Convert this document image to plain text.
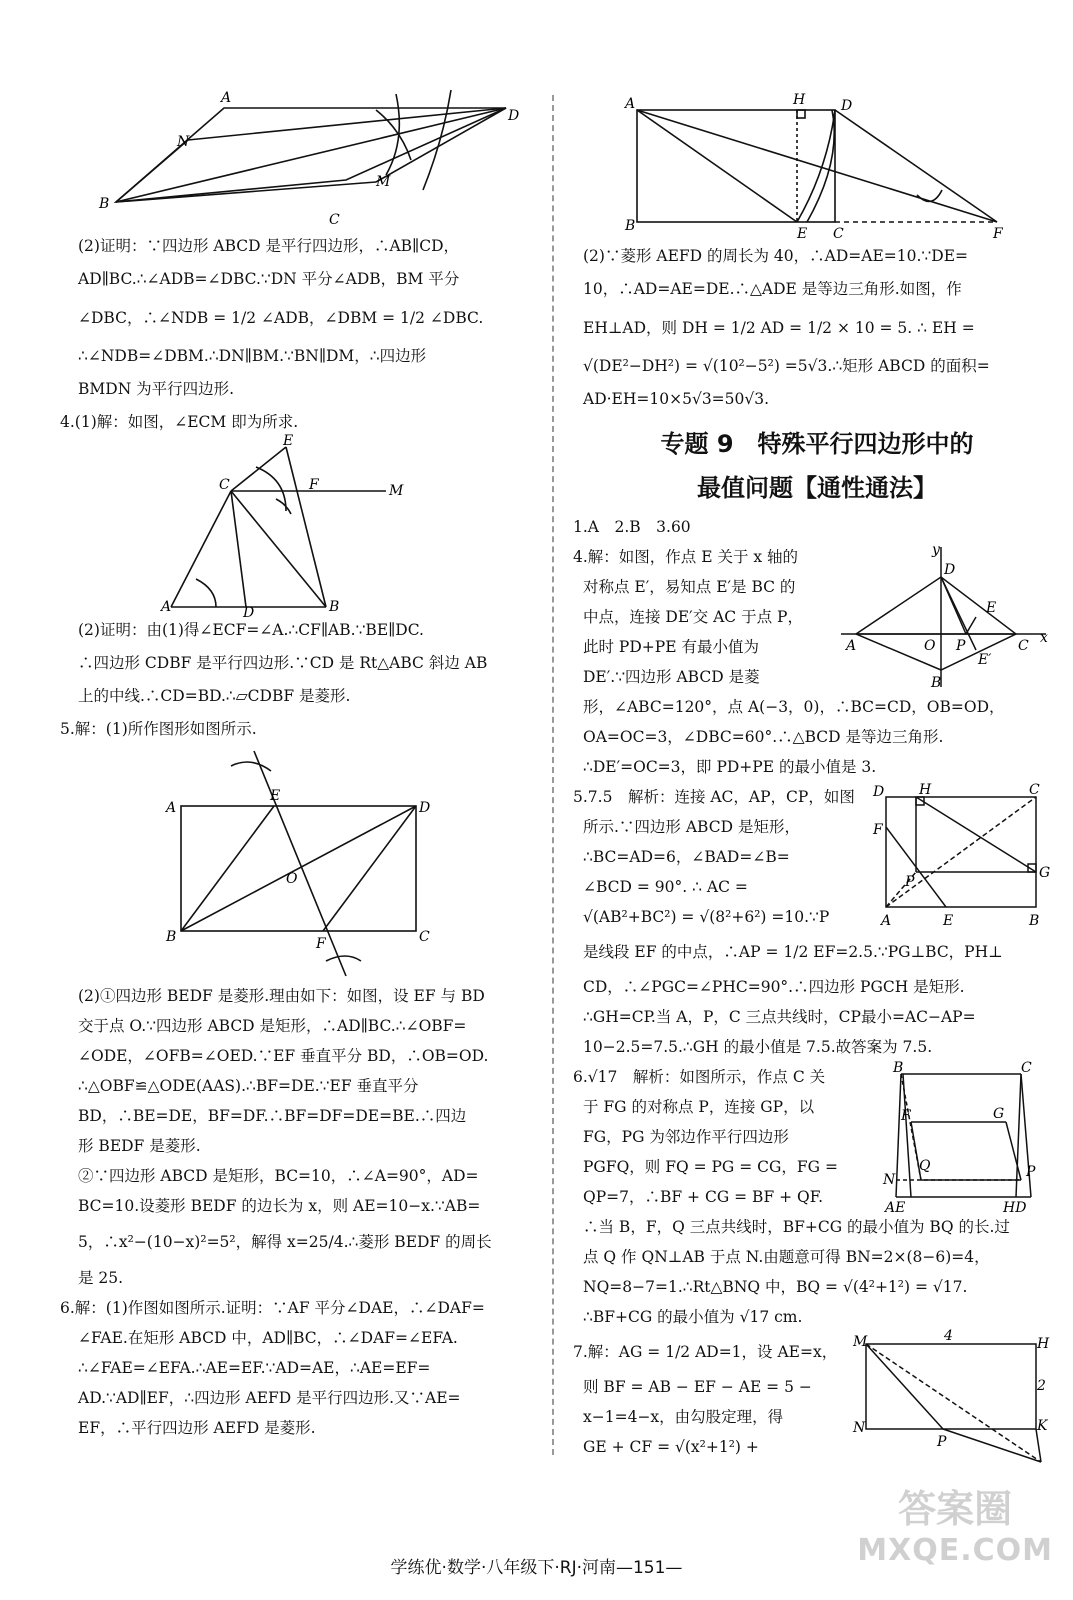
A
N
D
B
M
C

(2)证明：∵四边形 ABCD 是平行四边形，∴AB∥CD，

AD∥BC.∴∠ADB=∠DBC.∵DN 平分∠ADB，BM 平分

∠DBC，∴∠NDB = 1/2 ∠ADB，∠DBM = 1/2 ∠DBC.

∴∠NDB=∠DBM.∴DN∥BM.∵BN∥DM，∴四边形

BMDN 为平行四边形.

4.(1)解：如图，∠ECM 即为所求.

A	D	B
C	F	M
E

(2)证明：由(1)得∠ECF=∠A.∴CF∥AB.∵BE∥DC.

∴四边形 CDBF 是平行四边形.∵CD 是 Rt△ABC 斜边 AB

上的中线.∴CD=BD.∴▱CDBF 是菱形.

5.解：(1)所作图形如图所示.

A
E
D
B	F	C
O

(2)①四边形 BEDF 是菱形.理由如下：如图，设 EF 与 BD

交于点 O.∵四边形 ABCD 是矩形，∴AD∥BC.∴∠OBF=

∠ODE，∠OFB=∠OED.∵EF 垂直平分 BD，∴OB=OD.

∴△OBF≌△ODE(AAS).∴BF=DE.∵EF 垂直平分

BD，∴BE=DE，BF=DF.∴BF=DF=DE=BE.∴四边

形 BEDF 是菱形.

②∵四边形 ABCD 是矩形，BC=10，∴∠A=90°，AD=

BC=10.设菱形 BEDF 的边长为 x，则 AE=10−x.∵AB=

5，∴x²−(10−x)²=5²，解得 x=25/4.∴菱形 BEDF 的周长

是 25.

6.解：(1)作图如图所示.证明：∵AF 平分∠DAE，∴∠DAF=

∠FAE.在矩形 ABCD 中，AD∥BC，∴∠DAF=∠EFA.

∴∠FAE=∠EFA.∴AE=EF.∵AD=AE，∴AE=EF=

AD.∵AD∥EF，∴四边形 AEFD 是平行四边形.又∵AE=

EF，∴平行四边形 AEFD 是菱形.

A	H	D
B	E C	F

(2)∵菱形 AEFD 的周长为 40，∴AD=AE=10.∵DE=

10，∴AD=AE=DE.∴△ADE 是等边三角形.如图，作

EH⊥AD，则 DH = 1/2 AD = 1/2 × 10 = 5. ∴ EH =

√(DE²−DH²) = √(10²−5²) =5√3.∴矩形 ABCD 的面积=

AD·EH=10×5√3=50√3.

专题 9　特殊平行四边形中的
最值问题【通性通法】

1.A　2.B　3.60

4.解：如图，作点 E 关于 x 轴的

对称点 E′，易知点 E′是 BC 的

中点，连接 DE′交 AC 于点 P，

此时 PD+PE 有最小值为

DE′.∵四边形 ABCD 是菱

A	O P	C
B
D
E
E′
y
x

形，∠ABC=120°，点 A(−3，0)，∴BC=CD，OB=OD，

OA=OC=3，∠DBC=60°.∴△BCD 是等边三角形.

∴DE′=OC=3，即 PD+PE 的最小值是 3.

5.7.5　解析：连接 AC，AP，CP，如图

所示.∵四边形 ABCD 是矩形，

∴BC=AD=6，∠BAD=∠B=

∠BCD = 90°. ∴ AC =

√(AB²+BC²) = √(8²+6²) =10.∵P

D H	C
F
P
G
A	E	B

是线段 EF 的中点，∴AP = 1/2 EF=2.5.∵PG⊥BC，PH⊥

CD，∴∠PGC=∠PHC=90°.∴四边形 PGCH 是矩形.

∴GH=CP.当 A，P，C 三点共线时，CP最小=AC−AP=

10−2.5=7.5.∴GH 的最小值是 7.5.故答案为 7.5.

6.√17　解析：如图所示，作点 C 关

于 FG 的对称点 P，连接 GP，以

FG，PG 为邻边作平行四边形

PGFQ，则 FQ = PG = CG，FG =

QP=7，∴BF + CG = BF + QF.

B	C
F	G
Q
N	P
AE	HD

∴当 B，F，Q 三点共线时，BF+CG 的最小值为 BQ 的长.过

点 Q 作 QN⊥AB 于点 N.由题意可得 BN=2×(8−6)=4，

NQ=8−7=1.∴Rt△BNQ 中，BQ = √(4²+1²) = √17.

∴BF+CG 的最小值为 √17 cm.

7.解：AG = 1/2 AD=1，设 AE=x，

则 BF = AB − EF − AE = 5 −

x−1=4−x，由勾股定理，得

GE + CF = √(x²+1²) +

M	4	H
2
N	K
P
答案圈
MXQE.COM
学练优·数学·八年级下·RJ·河南—151—
